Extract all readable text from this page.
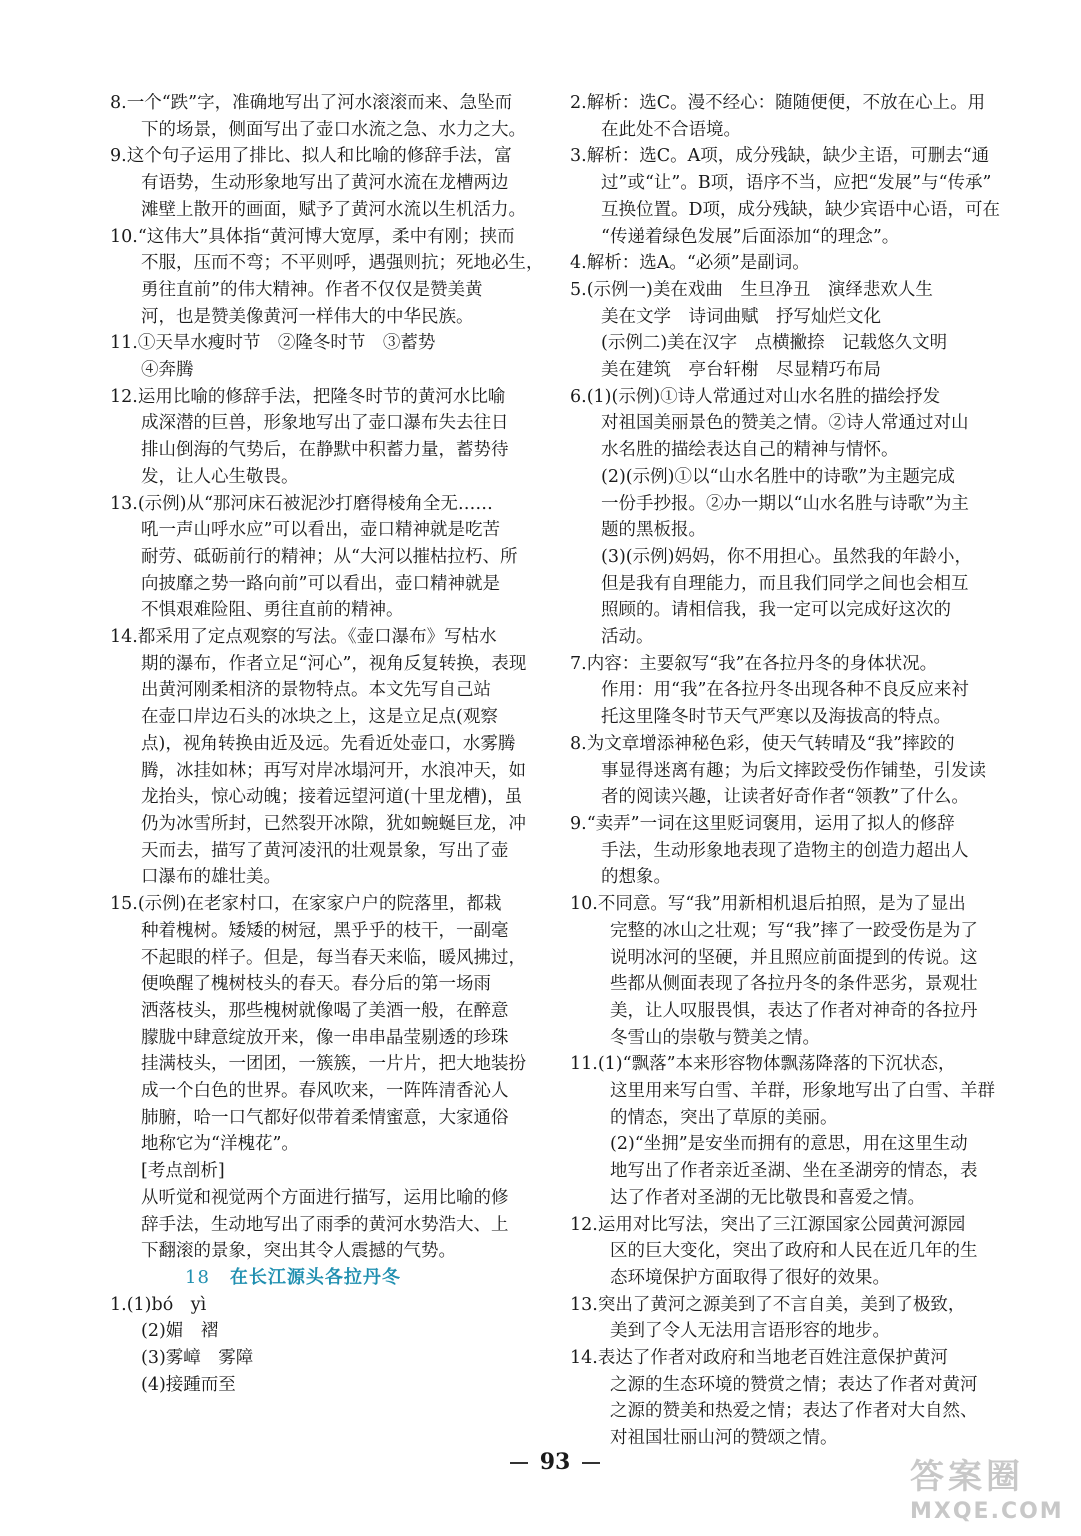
8.一个“跌”字，准确地写出了河水滚滚而来、急坠而
下的场景，侧面写出了壶口水流之急、水力之大。
9.这个句子运用了排比、拟人和比喻的修辞手法，富
有语势，生动形象地写出了黄河水流在龙槽两边
滩壁上散开的画面，赋予了黄河水流以生机活力。
10.“这伟大”具体指“黄河博大宽厚，柔中有刚；挟而
不服，压而不弯；不平则呼，遇强则抗；死地必生，
勇往直前”的伟大精神。作者不仅仅是赞美黄
河，也是赞美像黄河一样伟大的中华民族。
11.①天旱水瘦时节　②隆冬时节　③蓄势
④奔腾
12.运用比喻的修辞手法，把隆冬时节的黄河水比喻
成深潜的巨兽，形象地写出了壶口瀑布失去往日
排山倒海的气势后，在静默中积蓄力量，蓄势待
发，让人心生敬畏。
13.(示例)从“那河床石被泥沙打磨得棱角全无……
吼一声山呼水应”可以看出，壶口精神就是吃苦
耐劳、砥砺前行的精神；从“大河以摧枯拉朽、所
向披靡之势一路向前”可以看出，壶口精神就是
不惧艰难险阻、勇往直前的精神。
14.都采用了定点观察的写法。《壶口瀑布》写枯水
期的瀑布，作者立足“河心”，视角反复转换，表现
出黄河刚柔相济的景物特点。本文先写自己站
在壶口岸边石头的冰块之上，这是立足点(观察
点)，视角转换由近及远。先看近处壶口，水雾腾
腾，冰挂如林；再写对岸冰塌河开，水浪冲天，如
龙抬头，惊心动魄；接着远望河道(十里龙槽)，虽
仍为冰雪所封，已然裂开冰隙，犹如蜿蜒巨龙，冲
天而去，描写了黄河凌汛的壮观景象，写出了壶
口瀑布的雄壮美。
15.(示例)在老家村口，在家家户户的院落里，都栽
种着槐树。矮矮的树冠，黑乎乎的枝干，一副毫
不起眼的样子。但是，每当春天来临，暖风拂过，
便唤醒了槐树枝头的春天。春分后的第一场雨
洒落枝头，那些槐树就像喝了美酒一般，在醉意
朦胧中肆意绽放开来，像一串串晶莹剔透的珍珠
挂满枝头，一团团，一簇簇，一片片，把大地装扮
成一个白色的世界。春风吹来，一阵阵清香沁人
肺腑，哈一口气都好似带着柔情蜜意，大家通俗
地称它为“洋槐花”。
[考点剖析]
从听觉和视觉两个方面进行描写，运用比喻的修
辞手法，生动地写出了雨季的黄河水势浩大、上
下翻滚的景象，突出其令人震撼的气势。
18 在长江源头各拉丹冬
1.(1)bó　yì
(2)媚　褶
(3)雾嶂　雾障
(4)接踵而至
2.解析：选C。漫不经心：随随便便，不放在心上。用
在此处不合语境。
3.解析：选C。A项，成分残缺，缺少主语，可删去“通
过”或“让”。B项，语序不当，应把“发展”与“传承”
互换位置。D项，成分残缺，缺少宾语中心语，可在
“传递着绿色发展”后面添加“的理念”。
4.解析：选A。“必须”是副词。
5.(示例一)美在戏曲　生旦净丑　演绎悲欢人生
美在文学　诗词曲赋　抒写灿烂文化
(示例二)美在汉字　点横撇捺　记载悠久文明
美在建筑　亭台轩榭　尽显精巧布局
6.(1)(示例)①诗人常通过对山水名胜的描绘抒发
对祖国美丽景色的赞美之情。②诗人常通过对山
水名胜的描绘表达自己的精神与情怀。
(2)(示例)①以“山水名胜中的诗歌”为主题完成
一份手抄报。②办一期以“山水名胜与诗歌”为主
题的黑板报。
(3)(示例)妈妈，你不用担心。虽然我的年龄小，
但是我有自理能力，而且我们同学之间也会相互
照顾的。请相信我，我一定可以完成好这次的
活动。
7.内容：主要叙写“我”在各拉丹冬的身体状况。
作用：用“我”在各拉丹冬出现各种不良反应来衬
托这里隆冬时节天气严寒以及海拔高的特点。
8.为文章增添神秘色彩，使天气转晴及“我”摔跤的
事显得迷离有趣；为后文摔跤受伤作铺垫，引发读
者的阅读兴趣，让读者好奇作者“领教”了什么。
9.“卖弄”一词在这里贬词褒用，运用了拟人的修辞
手法，生动形象地表现了造物主的创造力超出人
的想象。
10.不同意。写“我”用新相机退后拍照，是为了显出
完整的冰山之壮观；写“我”摔了一跤受伤是为了
说明冰河的坚硬，并且照应前面提到的传说。这
些都从侧面表现了各拉丹冬的条件恶劣，景观壮
美，让人叹服畏惧，表达了作者对神奇的各拉丹
冬雪山的崇敬与赞美之情。
11.(1)“飘落”本来形容物体飘荡降落的下沉状态，
这里用来写白雪、羊群，形象地写出了白雪、羊群
的情态，突出了草原的美丽。
(2)“坐拥”是安坐而拥有的意思，用在这里生动
地写出了作者亲近圣湖、坐在圣湖旁的情态，表
达了作者对圣湖的无比敬畏和喜爱之情。
12.运用对比写法，突出了三江源国家公园黄河源园
区的巨大变化，突出了政府和人民在近几年的生
态环境保护方面取得了很好的效果。
13.突出了黄河之源美到了不言自美，美到了极致，
美到了令人无法用言语形容的地步。
14.表达了作者对政府和当地老百姓注意保护黄河
之源的生态环境的赞赏之情；表达了作者对黄河
之源的赞美和热爱之情；表达了作者对大自然、
对祖国壮丽山河的赞颂之情。
93	答案圈
MXQE.COM
